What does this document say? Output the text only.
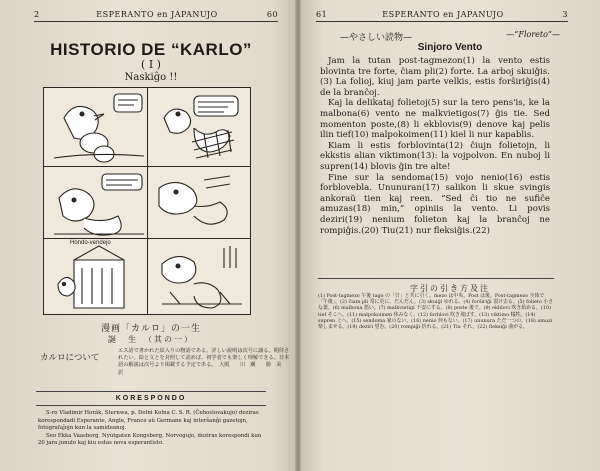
2	ESPERANTO en JAPANUJO	60	61	ESPERANTO en JAPANUJO	3
HISTORIO DE “KARLO”
( I )
Naskiĝo !!
Hondo-vendejo
漫画「カルロ」の一生
誕　生　（其の一）
カルロについて
エス語で書かれた絵入りの物語である。詳しい説明は次号に譲る。期待されたい。絵と文とを対照して読めば、初学者でも楽しく理解できる。日本語の解説は次号より掲載する予定である。　大阪　　川　瀬　　勝　美　　訳
KORESPONDO
S-ro Vladimir Horák, Sternwa, p. Dolni Kolna C. S. R. (Čehoslovakujo) deziras korespondadi Esperante, Angle, France aŭ Germane kaj interŝanĝi gazetojn, fotografaĵojn kun la samideanoj.
Seo Ekka Vaasborg, Nyutgaten Kongsberg, Norvegujo, deziras korespondi kun 20 jara junulo kaj kiu estas nova esperantisto.
—やさしい読物—	—“Floreto”—
Sinjoro Vento

Jam la tutan post-tagmezon(1) la vento estis blovinta tre forte, ĉiam pli(2) forte. La arboj skuiĝis.(3) La folioj, kiuj jam parte velkis, estis forŝiriĝis(4) de la branĉoj.

Kaj la delikataj folietoj(5) sur la tero pens'is, ke la malbona(6) vento ne malkvietigos(7) ĝis tie. Sed momenton poste,(8) li ekblovis(9) denove kaj pelis ilin tief(10) malpokoimen(11) kiel li nur kapablis.

Kiam li estis forblovinta(12) ĉiujn folietojn, li ekkstis alian viktimon(13): la vojpolvon. En nuboj li supren(14) blovis ĝin tre alte!

Fine sur la sendoma(15) vojo nenio(16) estis forblovebla. Ununuran(17) salikon li skue svingis ankoraŭ tien kaj reen. “Sed ĉi tio ne sufiĉe amuzas(18) min,” opiniis la vento. Li povis deziri(19) nenium folieton kaj la branĉoj ne rompiĝis.(20) Tiu(21) nur fleksiĝis.(22)

字引の引き方及注
(1) Post-tagmezo 午後 tago の「日」と共に引く。mezo は中央、Post は後。Post-tagmezo 全体で「午後」。(2) ĉiam pli 常に更に、だんだん。(3) skuiĝi ゆれる。(4) forŝiriĝi 裂け去る。(5) folieto 小さな葉。(6) malbona 悪い。(7) malkvietigi 不安にする。(8) poste 後で。(9) ekblovi 吹き始める。(10) tief そこへ。(11) malpokoimen 休みなく。(12) forblovi 吹き飛ばす。(13) viktimo 犠牲。(14) supren 上へ。(15) sendoma 家のない。(16) nenio 何もない。(17) ununura ただ一つの。(18) amuzi 楽しませる。(19) deziri 望む。(20) rompiĝi 折れる。(21) Tiu それ。(22) fleksiĝi 曲がる。
